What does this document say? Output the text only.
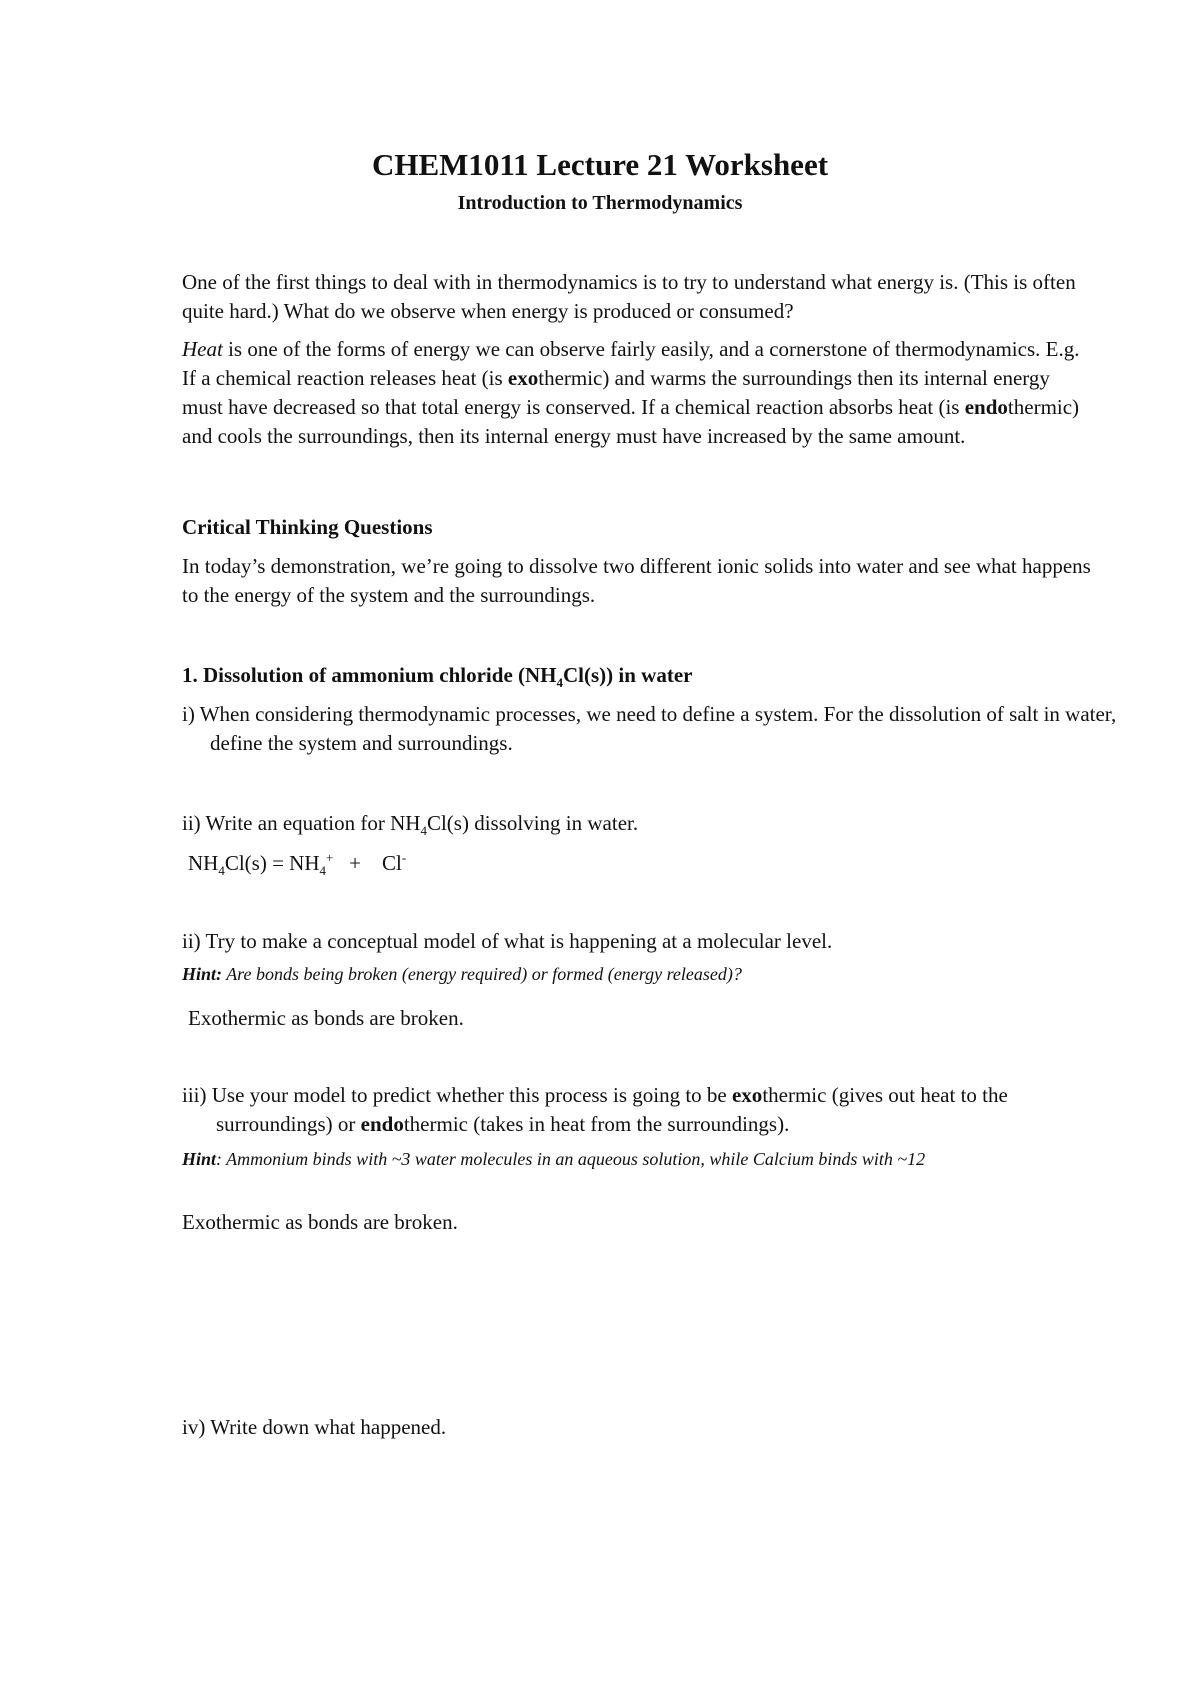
CHEM1011 Lecture 21 Worksheet
Introduction to Thermodynamics
One of the first things to deal with in thermodynamics is to try to understand what energy is. (This is often quite hard.) What do we observe when energy is produced or consumed?
Heat is one of the forms of energy we can observe fairly easily, and a cornerstone of thermodynamics. E.g. If a chemical reaction releases heat (is exothermic) and warms the surroundings then its internal energy must have decreased so that total energy is conserved. If a chemical reaction absorbs heat (is endothermic) and cools the surroundings, then its internal energy must have increased by the same amount.
Critical Thinking Questions
In today’s demonstration, we’re going to dissolve two different ionic solids into water and see what happens to the energy of the system and the surroundings.
1. Dissolution of ammonium chloride $(NH_4Cl(s))$ in water
i) When considering thermodynamic processes, we need to define a system. For the dissolution of salt in water, define the system and surroundings.
ii) Write an equation for $NH_4Cl(s)$ dissolving in water.
$NH_4Cl(s) = NH_4^+$   +    Cl-
ii) Try to make a conceptual model of what is happening at a molecular level.
Hint: Are bonds being broken (energy required) or formed (energy released)?
Exothermic as bonds are broken.
iii) Use your model to predict whether this process is going to be exothermic (gives out heat to the surroundings) or endothermic (takes in heat from the surroundings).
Hint: Ammonium binds with ~3 water molecules in an aqueous solution, while Calcium binds with ~12
Exothermic as bonds are broken.
iv) Write down what happened.
